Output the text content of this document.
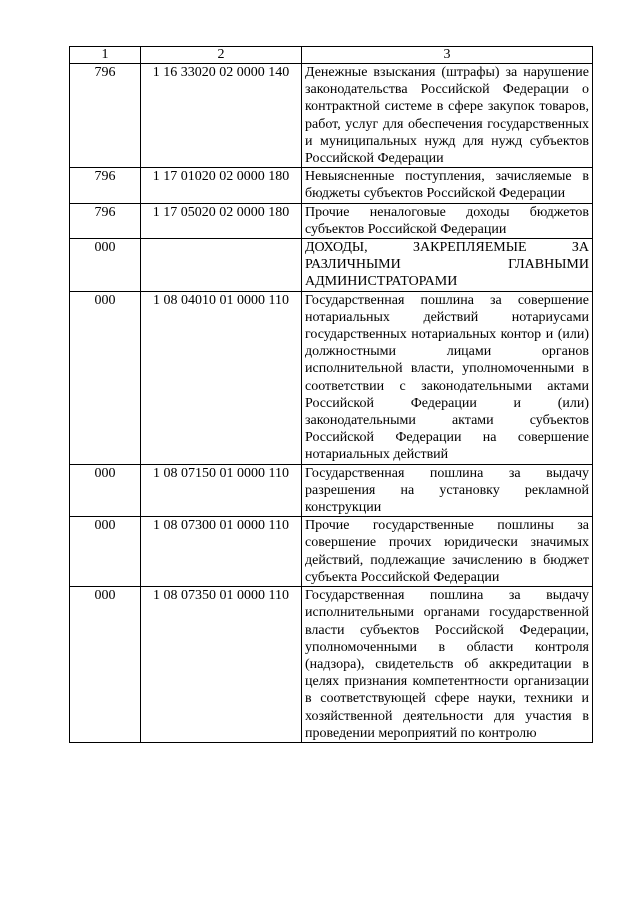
1	2	3
796	1 16 33020 02 0000 140	Денежные взыскания (штрафы) за нарушение законодательства Российской Федерации о контрактной системе в сфере закупок товаров, работ, услуг для обеспечения государственных и муниципальных нужд для нужд субъектов Российской Федерации

796	1 17 01020 02 0000 180	Невыясненные поступления, зачисляемые в бюджеты субъектов Российской Федерации

796	1 17 05020 02 0000 180	Прочие неналоговые доходы бюджетов субъектов Российской Федерации

000		ДОХОДЫ, ЗАКРЕПЛЯЕМЫЕ ЗА РАЗЛИЧНЫМИ ГЛАВНЫМИ АДМИНИСТРАТОРАМИ

000	1 08 04010 01 0000 110	Государственная пошлина за совершение нотариальных действий нотариусами государственных нотариальных контор и (или) должностными лицами органов исполнительной власти, уполномоченными в соответствии с законодательными актами Российской Федерации и (или) законодательными актами субъектов Российской Федерации на совершение нотариальных действий

000	1 08 07150 01 0000 110	Государственная пошлина за выдачу разрешения на установку рекламной конструкции

000	1 08 07300 01 0000 110	Прочие государственные пошлины за совершение прочих юридически значимых действий, подлежащие зачислению в бюджет субъекта Российской Федерации

000	1 08 07350 01 0000 110	Государственная пошлина за выдачу исполнительными органами государственной власти субъектов Российской Федерации, уполномоченными в области контроля (надзора), свидетельств об аккредитации в целях признания компетентности организации в соответствующей сфере науки, техники и хозяйственной деятельности для участия в проведении мероприятий по контролю
